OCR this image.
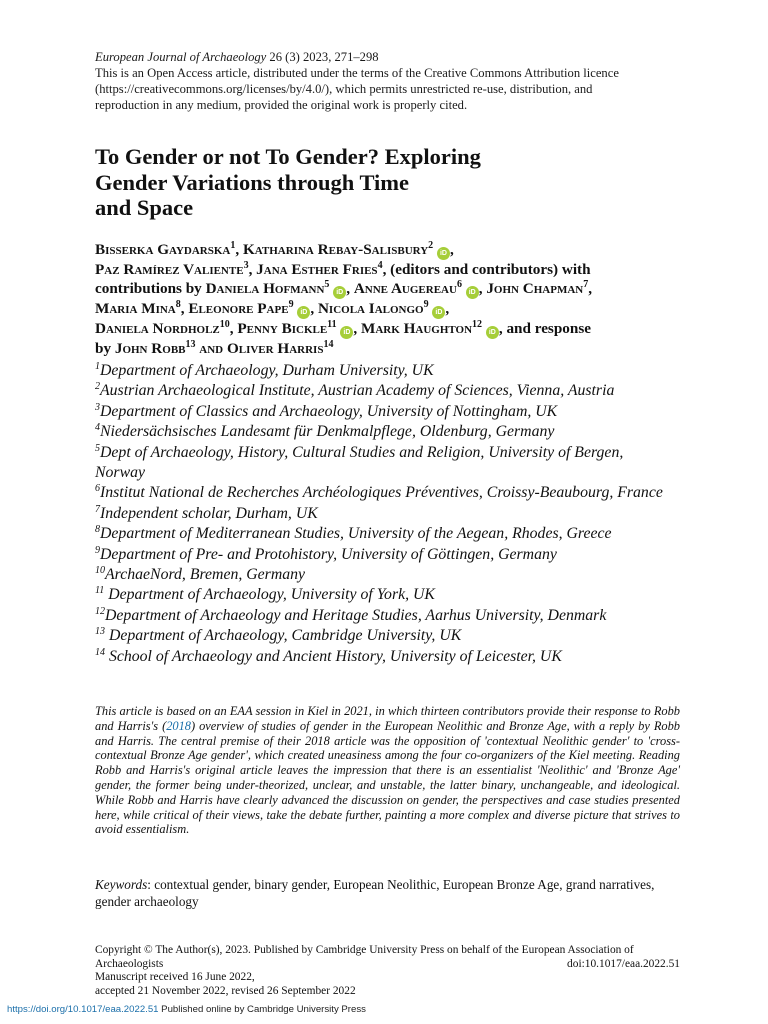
European Journal of Archaeology 26 (3) 2023, 271–298
This is an Open Access article, distributed under the terms of the Creative Commons Attribution licence
(https://creativecommons.org/licenses/by/4.0/), which permits unrestricted re-use, distribution, and
reproduction in any medium, provided the original work is properly cited.
To Gender or not To Gender? Exploring
Gender Variations through Time
and Space

Bisserka Gaydarska$^1$, Katharina Rebay-Salisbury$^2$ iD ,
Paz Ramírez Valiente$^3$, Jana Esther Fries$^4$, (editors and contributors) with
contributions by Daniela Hofmann$^5$ iD , Anne Augereau$^6$ iD , John Chapman$^7$,
Maria Mina$^8$, Eleonore Pape$^9$ iD , Nicola Ialongo$^9$ iD ,
Daniela Nordholz$^{10}$, Penny Bickle$^{11}$ iD , Mark Haughton$^{12}$ iD , and response
by John Robb$^{13}$ and Oliver Harris$^{14}$

$^1$Department of Archaeology, Durham University, UK
$^2$Austrian Archaeological Institute, Austrian Academy of Sciences, Vienna, Austria
$^3$Department of Classics and Archaeology, University of Nottingham, UK
$^4$Niedersächsisches Landesamt für Denkmalpflege, Oldenburg, Germany
$^5$Dept of Archaeology, History, Cultural Studies and Religion, University of Bergen,
Norway
$^6$Institut National de Recherches Archéologiques Préventives, Croissy-Beaubourg, France
$^7$Independent scholar, Durham, UK
$^8$Department of Mediterranean Studies, University of the Aegean, Rhodes, Greece
$^9$Department of Pre- and Protohistory, University of Göttingen, Germany
$^{10}$ArchaeNord, Bremen, Germany
$^{11}$ Department of Archaeology, University of York, UK
$^{12}$Department of Archaeology and Heritage Studies, Aarhus University, Denmark
$^{13}$ Department of Archaeology, Cambridge University, UK
$^{14}$ School of Archaeology and Ancient History, University of Leicester, UK

This article is based on an EAA session in Kiel in 2021, in which thirteen contributors provide their response to Robb and Harris's (2018) overview of studies of gender in the European Neolithic and Bronze Age, with a reply by Robb and Harris. The central premise of their 2018 article was the opposition of 'contextual Neolithic gender' to 'cross-contextual Bronze Age gender', which created uneasiness among the four co-organizers of the Kiel meeting. Reading Robb and Harris's original article leaves the impression that there is an essentialist 'Neolithic' and 'Bronze Age' gender, the former being under-theorized, unclear, and unstable, the latter binary, unchangeable, and ideological. While Robb and Harris have clearly advanced the discussion on gender, the perspectives and case studies presented here, while critical of their views, take the debate further, painting a more complex and diverse picture that strives to avoid essentialism.

Keywords: contextual gender, binary gender, European Neolithic, European Bronze Age, grand narratives, gender archaeology

Copyright © The Author(s), 2023. Published by Cambridge University Press on behalf of the European Association of
Archaeologists	doi:10.1017/eaa.2022.51
Manuscript received 16 June 2022,
accepted 21 November 2022, revised 26 September 2022
https://doi.org/10.1017/eaa.2022.51 Published online by Cambridge University Press
